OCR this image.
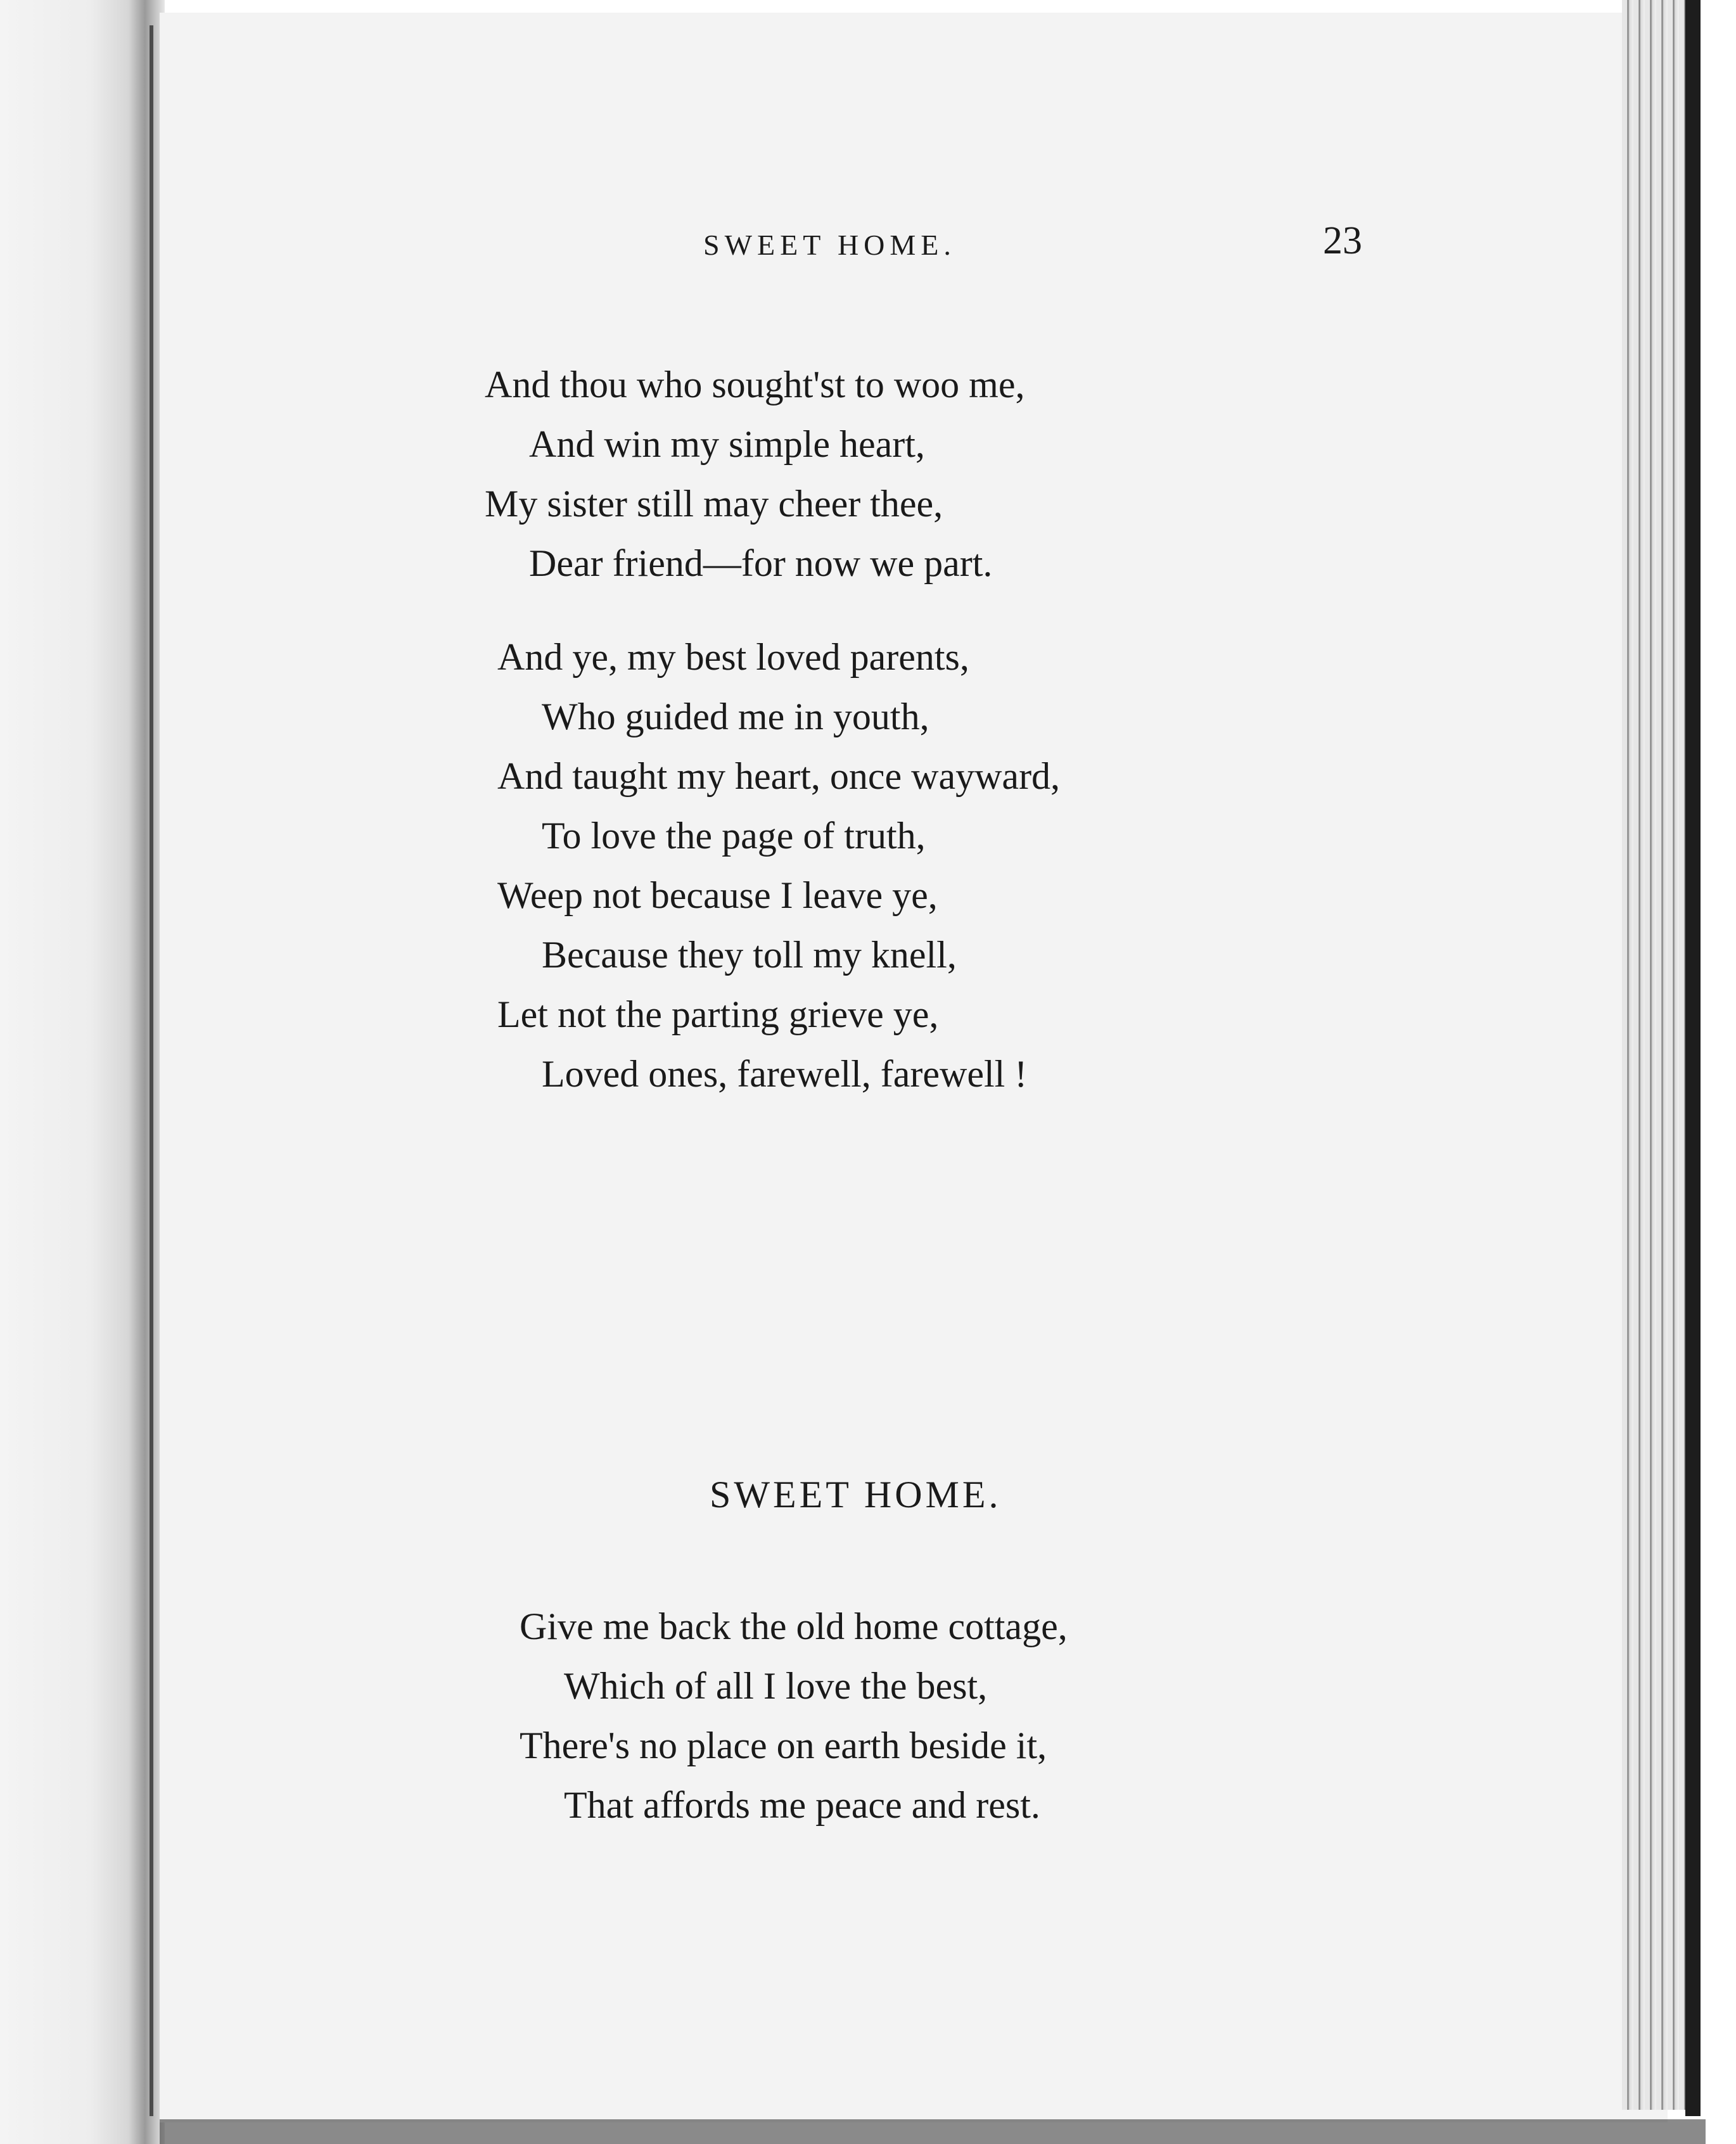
SWEET HOME.	23
And thou who sought'st to woo me,
And win my simple heart,
My sister still may cheer thee,
Dear friend—for now we part.
And ye, my best loved parents,
Who guided me in youth,
And taught my heart, once wayward,
To love the page of truth,
Weep not because I leave ye,
Because they toll my knell,
Let not the parting grieve ye,
Loved ones, farewell, farewell !
SWEET HOME.
Give me back the old home cottage,
Which of all I love the best,
There's no place on earth beside it,
That affords me peace and rest.
